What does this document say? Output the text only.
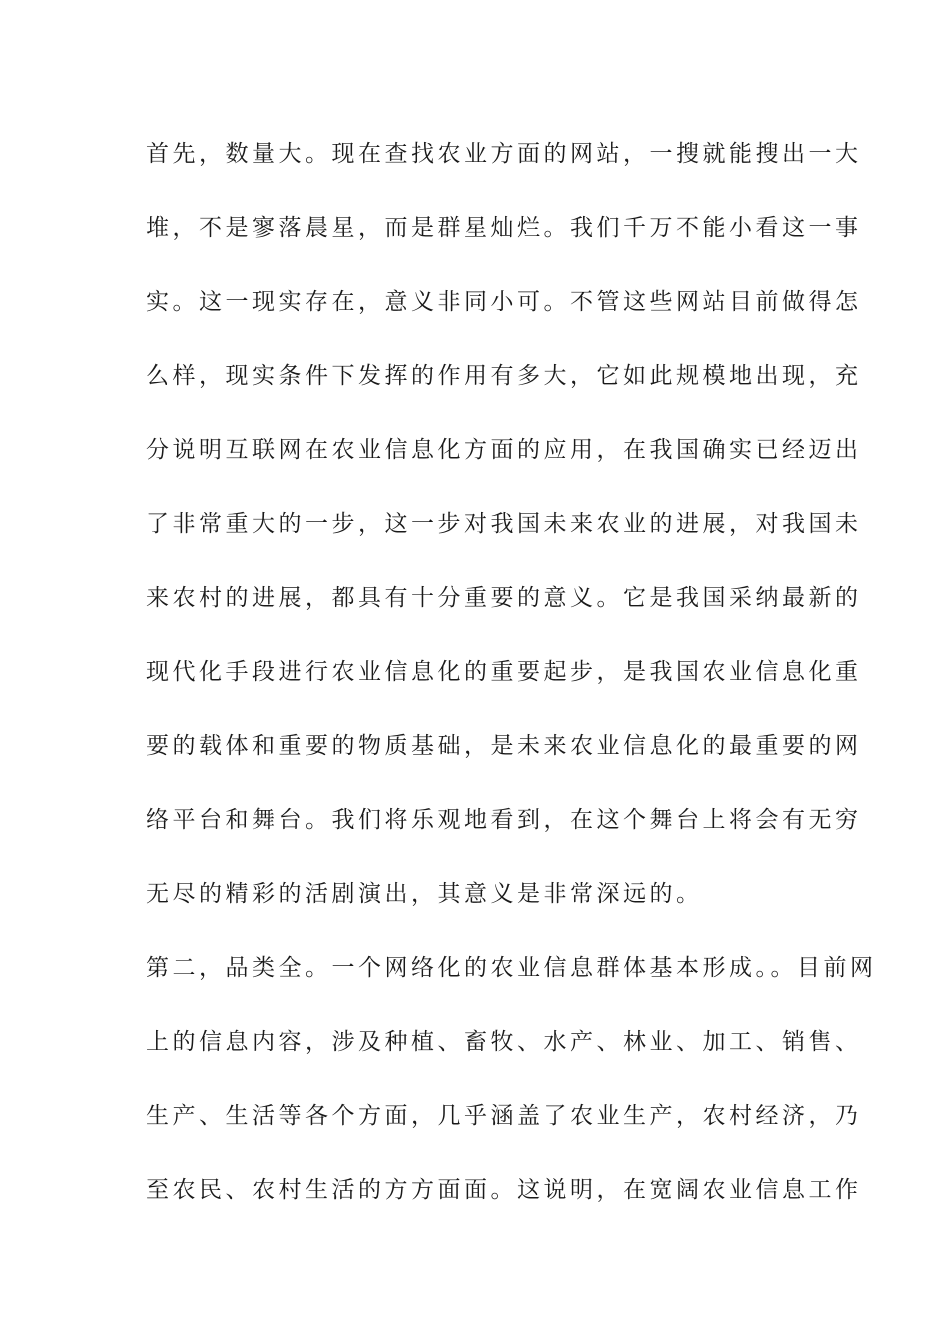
首先，数量大。现在查找农业方面的网站，一搜就能搜出一大
堆，不是寥落晨星，而是群星灿烂。我们千万不能小看这一事
实。这一现实存在，意义非同小可。不管这些网站目前做得怎
么样，现实条件下发挥的作用有多大，它如此规模地出现，充
分说明互联网在农业信息化方面的应用，在我国确实已经迈出
了非常重大的一步，这一步对我国未来农业的进展，对我国未
来农村的进展，都具有十分重要的意义。它是我国采纳最新的
现代化手段进行农业信息化的重要起步，是我国农业信息化重
要的载体和重要的物质基础，是未来农业信息化的最重要的网
络平台和舞台。我们将乐观地看到，在这个舞台上将会有无穷
无尽的精彩的活剧演出，其意义是非常深远的。
第二，品类全。一个网络化的农业信息群体基本形成。。目前网
上的信息内容，涉及种植、畜牧、水产、林业、加工、销售、
生产、生活等各个方面，几乎涵盖了农业生产，农村经济，乃
至农民、农村生活的方方面面。这说明，在宽阔农业信息工作
